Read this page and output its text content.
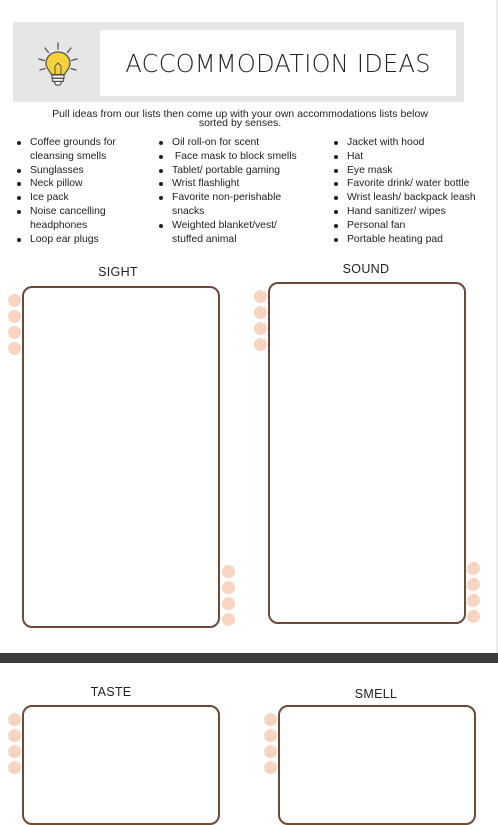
ACCOMMODATION IDEAS
Pull ideas from our lists then come up with your own accommodations lists below
sorted by senses.
Coffee grounds for
cleansing smells
Sunglasses
Neck pillow
Ice pack
Noise cancelling
headphones
Loop ear plugs
Oil roll-on for scent
Face mask to block smells
Tablet/ portable gaming
Wrist flashlight
Favorite non-perishable
snacks
Weighted blanket/vest/
stuffed animal
Jacket with hood
Hat
Eye mask
Favorite drink/ water bottle
Wrist leash/ backpack leash
Hand sanitizer/ wipes
Personal fan
Portable heating pad
SIGHT	SOUND
TASTE	SMELL
